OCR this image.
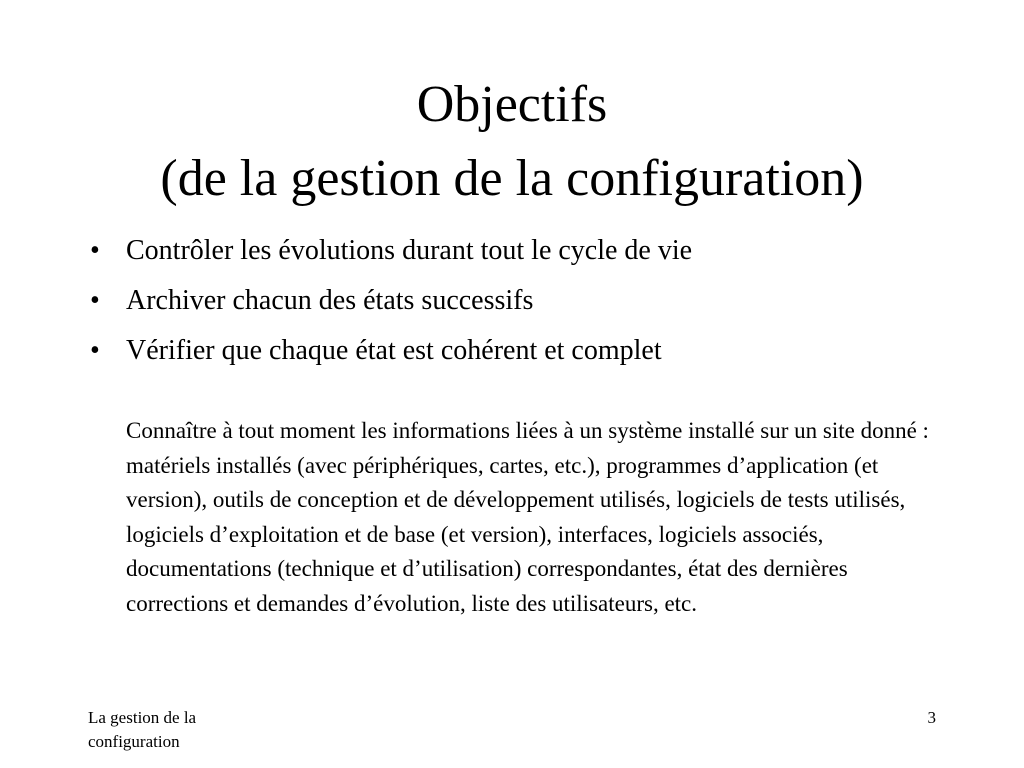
Objectifs
(de la gestion de la configuration)
• Contrôler les évolutions durant tout le cycle de vie
• Archiver chacun des états successifs
• Vérifier que chaque état est cohérent et complet

Connaître à tout moment les informations liées à un système installé sur un site donné : matériels installés (avec périphériques, cartes, etc.), programmes d’application (et version), outils de conception et de développement utilisés, logiciels de tests utilisés, logiciels d’exploitation et de base (et version), interfaces, logiciels associés, documentations (technique et d’utilisation) correspondantes, état des dernières corrections et demandes d’évolution, liste des utilisateurs, etc.

La gestion de la configuration
3
